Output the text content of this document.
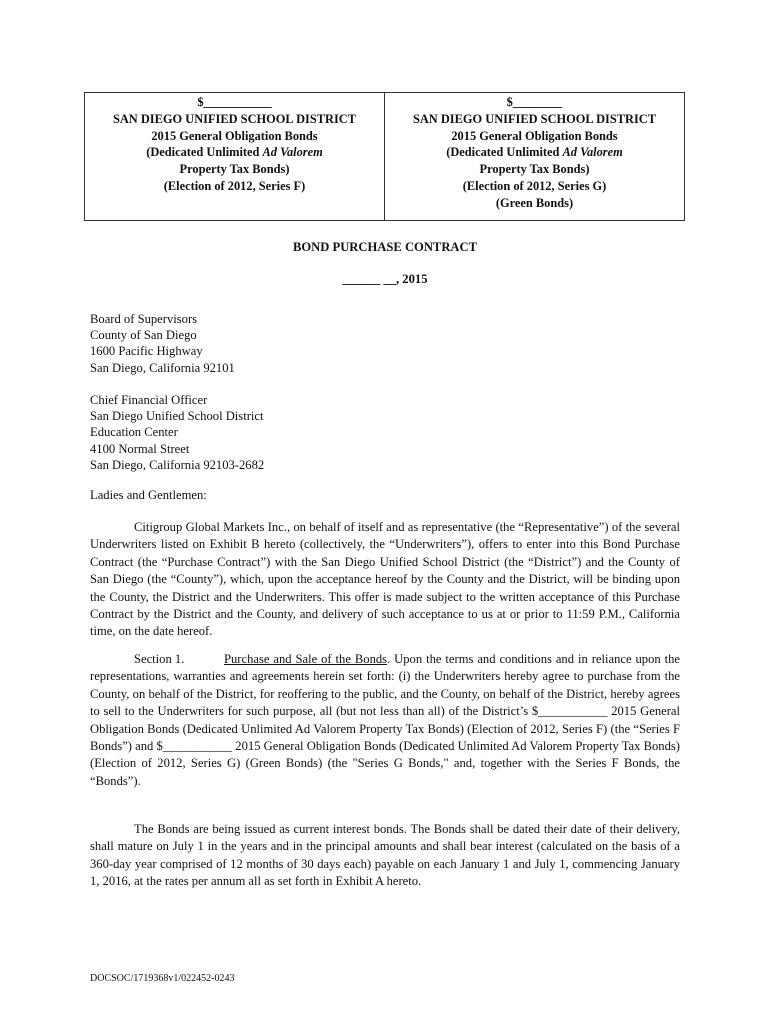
$___________
SAN DIEGO UNIFIED SCHOOL DISTRICT
2015 General Obligation Bonds
(Dedicated Unlimited Ad Valorem
Property Tax Bonds)
(Election of 2012, Series F)
$________
SAN DIEGO UNIFIED SCHOOL DISTRICT
2015 General Obligation Bonds
(Dedicated Unlimited Ad Valorem
Property Tax Bonds)
(Election of 2012, Series G)
(Green Bonds)
BOND PURCHASE CONTRACT
______ __, 2015
Board of Supervisors
County of San Diego
1600 Pacific Highway
San Diego, California 92101
Chief Financial Officer
San Diego Unified School District
Education Center
4100 Normal Street
San Diego, California 92103-2682
Ladies and Gentlemen:

Citigroup Global Markets Inc., on behalf of itself and as representative (the “Representative”) of the several Underwriters listed on Exhibit B hereto (collectively, the “Underwriters”), offers to enter into this Bond Purchase Contract (the “Purchase Contract”) with the San Diego Unified School District (the “District”) and the County of San Diego (the “County”), which, upon the acceptance hereof by the County and the District, will be binding upon the County, the District and the Underwriters. This offer is made subject to the written acceptance of this Purchase Contract by the District and the County, and delivery of such acceptance to us at or prior to 11:59 P.M., California time, on the date hereof.

Section 1.	Purchase and Sale of the Bonds. Upon the terms and conditions and in reliance upon the representations, warranties and agreements herein set forth: (i) the Underwriters hereby agree to purchase from the County, on behalf of the District, for reoffering to the public, and the County, on behalf of the District, hereby agrees to sell to the Underwriters for such purpose, all (but not less than all) of the District’s $___________ 2015 General Obligation Bonds (Dedicated Unlimited Ad Valorem Property Tax Bonds) (Election of 2012, Series F) (the “Series F Bonds”) and $___________ 2015 General Obligation Bonds (Dedicated Unlimited Ad Valorem Property Tax Bonds) (Election of 2012, Series G) (Green Bonds) (the "Series G Bonds," and, together with the Series F Bonds, the “Bonds”).

The Bonds are being issued as current interest bonds. The Bonds shall be dated their date of their delivery, shall mature on July 1 in the years and in the principal amounts and shall bear interest (calculated on the basis of a 360-day year comprised of 12 months of 30 days each) payable on each January 1 and July 1, commencing January 1, 2016, at the rates per annum all as set forth in Exhibit A hereto.

DOCSOC/1719368v1/022452-0243
